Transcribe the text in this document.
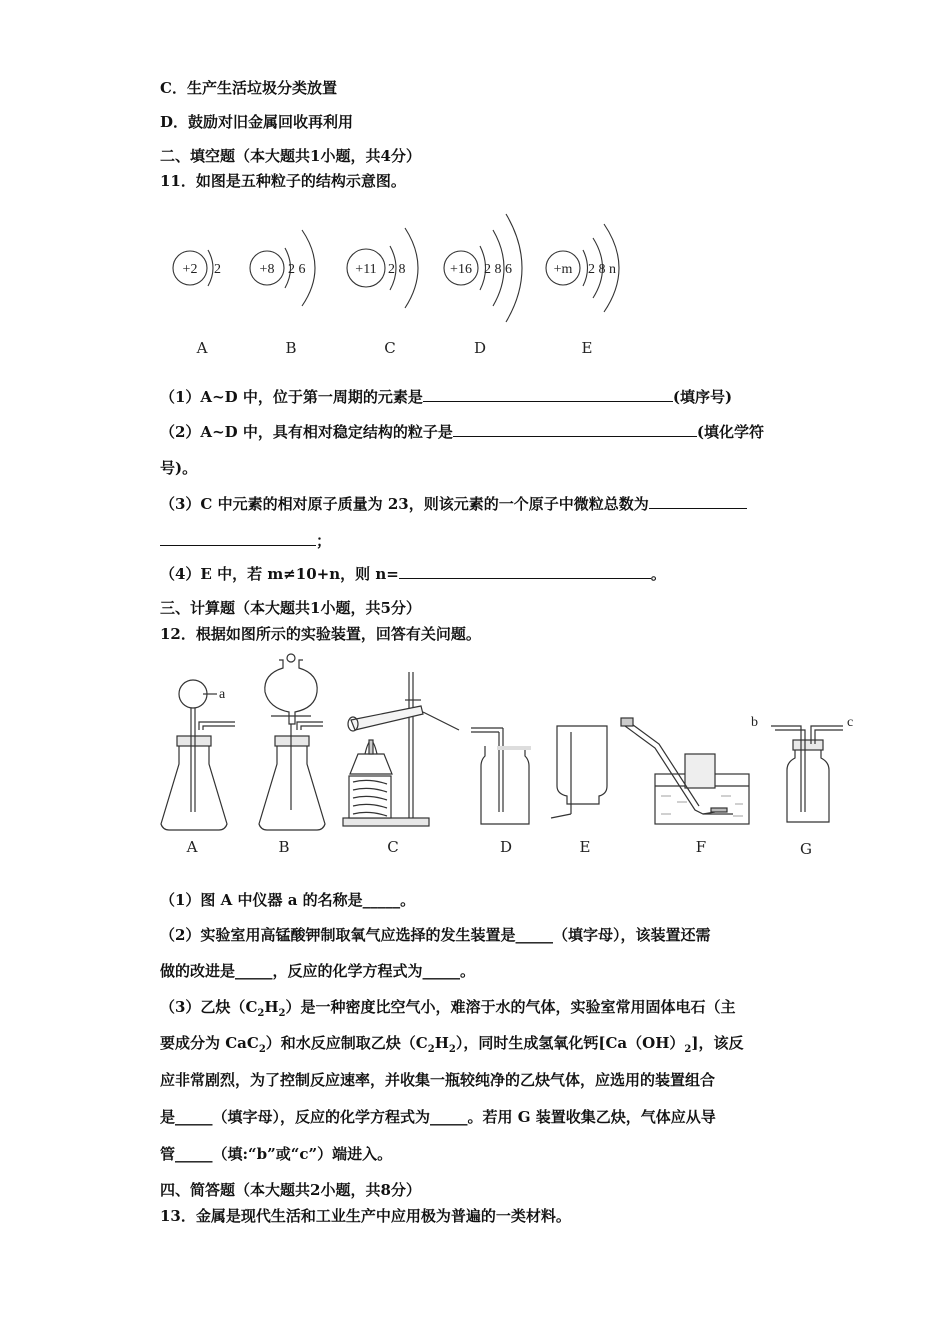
C．生产生活垃圾分类放置
D．鼓励对旧金属回收再利用
二、填空题（本大题共1小题，共4分）
11．如图是五种粒子的结构示意图。
+2 2	+8 2 6	+11 2 8	+16 2 8 6	+m 2 8 n
A	B	C	D	E
（1）A~D 中，位于第一周期的元素是	(填序号)
（2）A~D 中，具有相对稳定结构的粒子是	(填化学符
号)。
（3）C 中元素的相对原子质量为 23，则该元素的一个原子中微粒总数为
；
（4）E 中，若 m≠10+n，则 n=	。
三、计算题（本大题共1小题，共5分）
12．根据如图所示的实验装置，回答有关问题。
a
b	c
A	B	C	D	E	F	G
（1）图 A 中仪器 a 的名称是_____。
（2）实验室用高锰酸钾制取氧气应选择的发生装置是_____（填字母），该装置还需
做的改进是_____，反应的化学方程式为_____。
（3）乙炔$(C_2H_2)$是一种密度比空气小，难溶于水的气体，实验室常用固体电石（主
要成分为 CaC$_2$）和水反应制取乙炔$(C_2H_2)$，同时生成氢氧化钙$[Ca(OH)_2]$，该反
应非常剧烈，为了控制反应速率，并收集一瓶较纯净的乙炔气体，应选用的装置组合
是_____（填字母），反应的化学方程式为_____。若用 G 装置收集乙炔，气体应从导
管_____（填:“b”或“c”）端进入。
四、简答题（本大题共2小题，共8分）
13．金属是现代生活和工业生产中应用极为普遍的一类材料。
